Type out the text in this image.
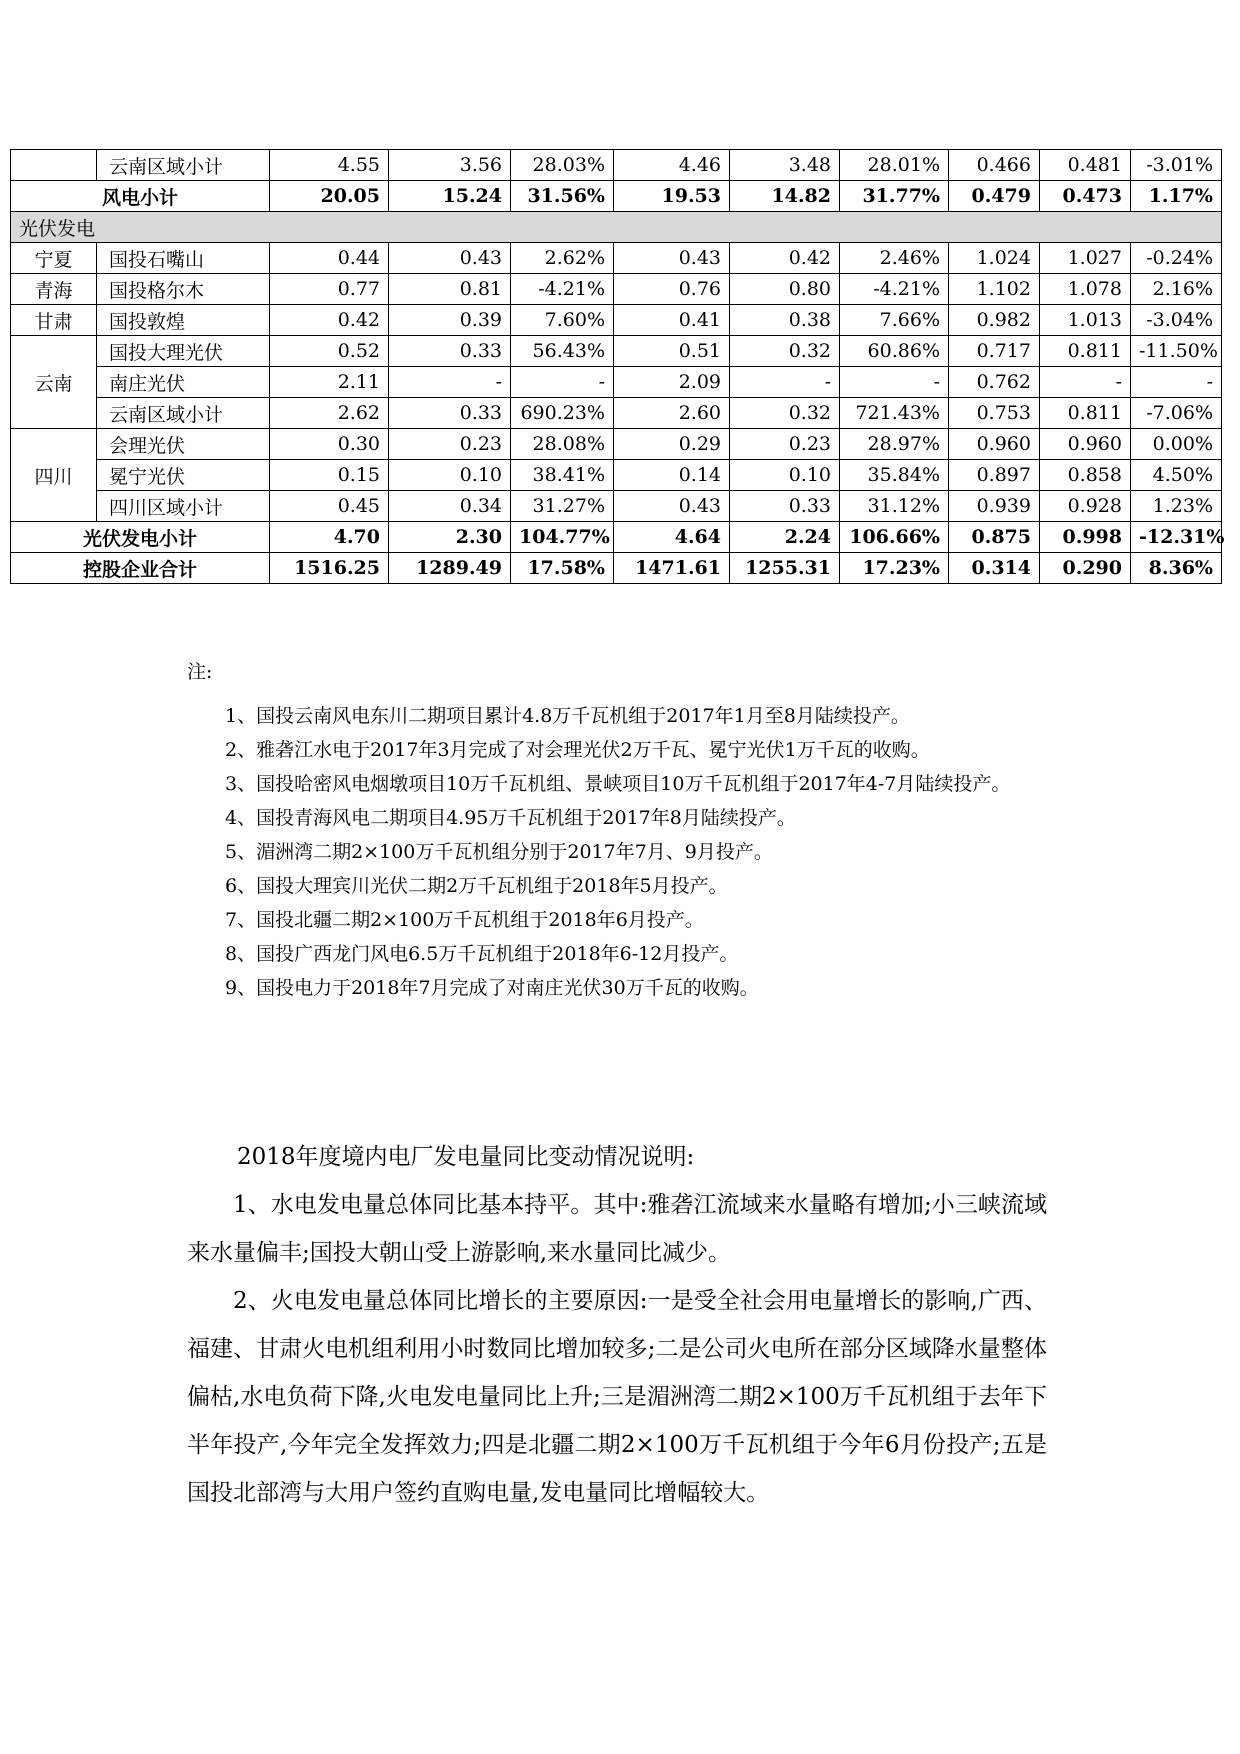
	云南区域小计	4.55	3.56	28.03%	4.46	3.48	28.01%	0.466	0.481	-3.01%
风电小计		20.05	15.24	31.56%	19.53	14.82	31.77%	0.479	0.473	1.17%
光伏发电										
宁夏	国投石嘴山	0.44	0.43	2.62%	0.43	0.42	2.46%	1.024	1.027	-0.24%
青海	国投格尔木	0.77	0.81	-4.21%	0.76	0.80	-4.21%	1.102	1.078	2.16%
甘肃	国投敦煌	0.42	0.39	7.60%	0.41	0.38	7.66%	0.982	1.013	-3.04%
云南	国投大理光伏	0.52	0.33	56.43%	0.51	0.32	60.86%	0.717	0.811	-11.50%
	南庄光伏	2.11	-	-	2.09	-	-	0.762	-	-
	云南区域小计	2.62	0.33	690.23%	2.60	0.32	721.43%	0.753	0.811	-7.06%
四川	会理光伏	0.30	0.23	28.08%	0.29	0.23	28.97%	0.960	0.960	0.00%
	冕宁光伏	0.15	0.10	38.41%	0.14	0.10	35.84%	0.897	0.858	4.50%
	四川区域小计	0.45	0.34	31.27%	0.43	0.33	31.12%	0.939	0.928	1.23%
光伏发电小计		4.70	2.30	104.77%	4.64	2.24	106.66%	0.875	0.998	-12.31%
控股企业合计		1516.25	1289.49	17.58%	1471.61	1255.31	17.23%	0.314	0.290	8.36%

注:

1、国投云南风电东川二期项目累计4.8万千瓦机组于2017年1月至8月陆续投产。

2、雅砻江水电于2017年3月完成了对会理光伏2万千瓦、冕宁光伏1万千瓦的收购。

3、国投哈密风电烟墩项目10万千瓦机组、景峡项目10万千瓦机组于2017年4-7月陆续投产。

4、国投青海风电二期项目4.95万千瓦机组于2017年8月陆续投产。

5、湄洲湾二期2×100万千瓦机组分别于2017年7月、9月投产。

6、国投大理宾川光伏二期2万千瓦机组于2018年5月投产。

7、国投北疆二期2×100万千瓦机组于2018年6月投产。

8、国投广西龙门风电6.5万千瓦机组于2018年6-12月投产。

9、国投电力于2018年7月完成了对南庄光伏30万千瓦的收购。

2018年度境内电厂发电量同比变动情况说明:

1、水电发电量总体同比基本持平。其中:雅砻江流域来水量略有增加;小三峡流域来水量偏丰;国投大朝山受上游影响,来水量同比减少。

2、火电发电量总体同比增长的主要原因:一是受全社会用电量增长的影响,广西、福建、甘肃火电机组利用小时数同比增加较多;二是公司火电所在部分区域降水量整体偏枯,水电负荷下降,火电发电量同比上升;三是湄洲湾二期2×100万千瓦机组于去年下半年投产,今年完全发挥效力;四是北疆二期2×100万千瓦机组于今年6月份投产;五是国投北部湾与大用户签约直购电量,发电量同比增幅较大。
